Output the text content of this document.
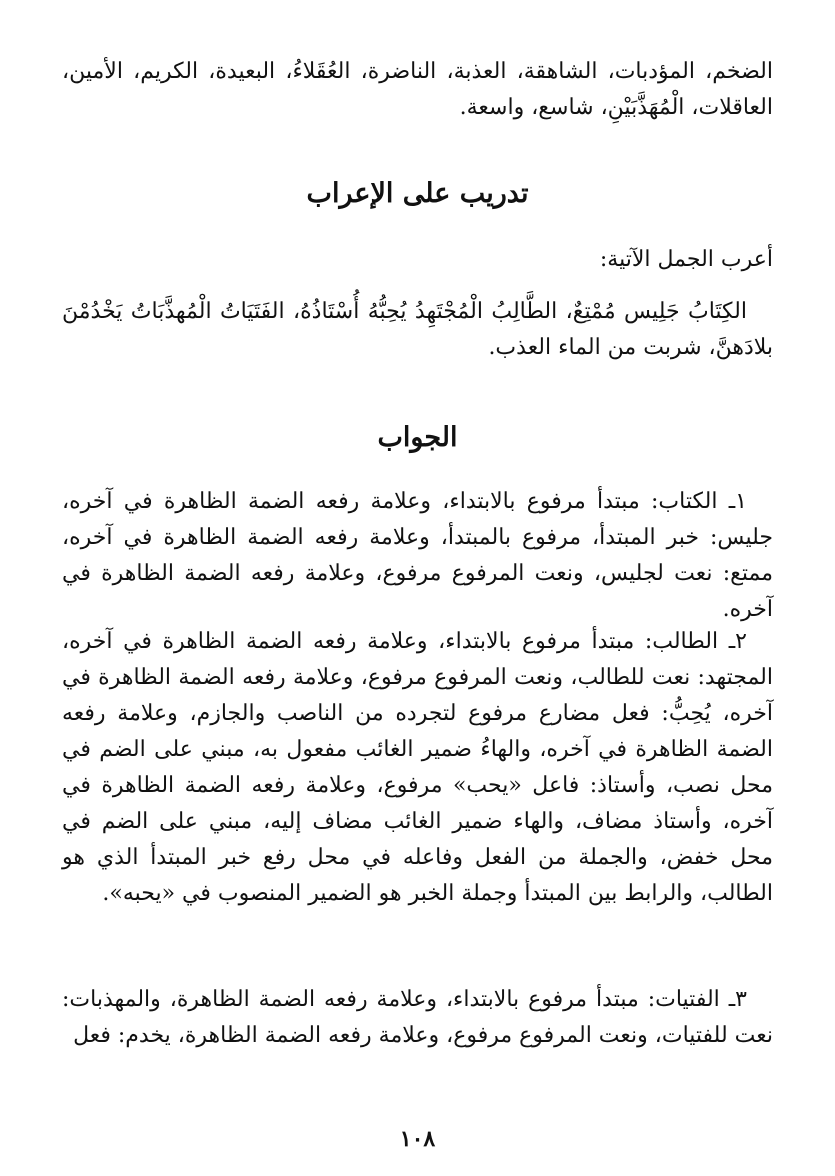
الضخم، المؤدبات، الشاهقة، العذبة، الناضرة، العُقَلاءُ، البعيدة، الكريم، الأمين، العاقلات، الْمُهَذَّبَيْنِ، شاسع، واسعة.

تدريب على الإعراب

أعرب الجمل الآتية:

الكِتَابُ جَلِيس مُمْتِعٌ، الطَّالِبُ الْمُجْتَهِدُ يُحِبُّهُ أُسْتَاذُهُ، الفَتَيَاتُ الْمُهذَّبَاتُ يَخْدُمْنَ بلادَهنَّ، شربت من الماء العذب.

الجواب

١ـ الكتاب: مبتدأ مرفوع بالابتداء، وعلامة رفعه الضمة الظاهرة في آخره، جليس: خبر المبتدأ، مرفوع بالمبتدأ، وعلامة رفعه الضمة الظاهرة في آخره، ممتع: نعت لجليس، ونعت المرفوع مرفوع، وعلامة رفعه الضمة الظاهرة في آخره.

٢ـ الطالب: مبتدأ مرفوع بالابتداء، وعلامة رفعه الضمة الظاهرة في آخره، المجتهد: نعت للطالب، ونعت المرفوع مرفوع، وعلامة رفعه الضمة الظاهرة في آخره، يُحِبُّ: فعل مضارع مرفوع لتجرده من الناصب والجازم، وعلامة رفعه الضمة الظاهرة في آخره، والهاءُ ضمير الغائب مفعول به، مبني على الضم في محل نصب، وأستاذ: فاعل «يحب» مرفوع، وعلامة رفعه الضمة الظاهرة في آخره، وأستاذ مضاف، والهاء ضمير الغائب مضاف إليه، مبني على الضم في محل خفض، والجملة من الفعل وفاعله في محل رفع خبر المبتدأ الذي هو الطالب، والرابط بين المبتدأ وجملة الخبر هو الضمير المنصوب في «يحبه».

٣ـ الفتيات: مبتدأ مرفوع بالابتداء، وعلامة رفعه الضمة الظاهرة، والمهذبات: نعت للفتيات، ونعت المرفوع مرفوع، وعلامة رفعه الضمة الظاهرة، يخدم: فعل

١٠٨
